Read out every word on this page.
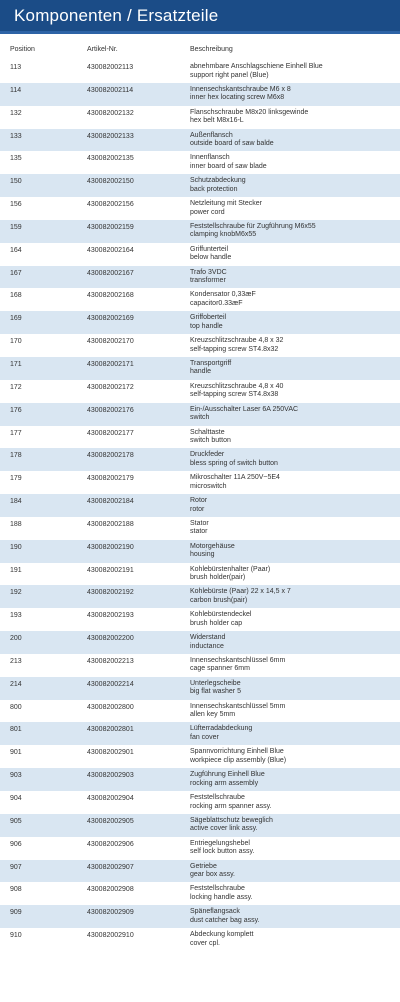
Komponenten / Ersatzteile
Position	Artikel-Nr.	Beschreibung
113	430082002113	abnehmbare Anschlagschiene Einhell Blue
support right panel (Blue)
114	430082002114	Innensechskantschraube M6 x 8
inner hex locating screw M6x8
132	430082002132	Flanschschraube M8x20 linksgewinde
hex belt M8x16-L
133	430082002133	Außenflansch
outside board of saw balde
135	430082002135	Innenflansch
inner board of saw blade
150	430082002150	Schutzabdeckung
back protection
156	430082002156	Netzleitung mit Stecker
power cord
159	430082002159	Feststellschraube für Zugführung M6x55
clamping knobM6x55
164	430082002164	Griffunterteil
below handle
167	430082002167	Trafo 3VDC
transformer
168	430082002168	Kondensator 0,33æF
capacitor0.33æF
169	430082002169	Griffoberteil
top handle
170	430082002170	Kreuzschlitzschraube 4,8 x 32
self-tapping screw ST4.8x32
171	430082002171	Transportgriff
handle
172	430082002172	Kreuzschlitzschraube 4,8 x 40
self-tapping screw ST4.8x38
176	430082002176	Ein-/Ausschalter Laser 6A 250VAC
switch
177	430082002177	Schalttaste
switch button
178	430082002178	Druckfeder
bless spring of switch button
179	430082002179	Mikroschalter 11A 250V~5E4
microswitch
184	430082002184	Rotor
rotor
188	430082002188	Stator
stator
190	430082002190	Motorgehäuse
housing
191	430082002191	Kohlebürstenhalter (Paar)
brush holder(pair)
192	430082002192	Kohlebürste (Paar) 22 x 14,5 x 7
carbon brush(pair)
193	430082002193	Kohlebürstendeckel
brush holder cap
200	430082002200	Widerstand
inductance
213	430082002213	Innensechskantschlüssel 6mm
cage spanner 6mm
214	430082002214	Unterlegscheibe
big flat washer 5
800	430082002800	Innensechskantschlüssel 5mm
allen key 5mm
801	430082002801	Lüfterradabdeckung
fan cover
901	430082002901	Spannvorrichtung Einhell Blue
workpiece clip assembly (Blue)
903	430082002903	Zugführung Einhell Blue
rocking arm assembly
904	430082002904	Feststellschraube
rocking arm spanner assy.
905	430082002905	Sägeblattschutz beweglich
active cover link assy.
906	430082002906	Entriegelungshebel
self lock button assy.
907	430082002907	Getriebe
gear box assy.
908	430082002908	Feststellschraube
locking handle assy.
909	430082002909	Späneflangsack
dust catcher bag assy.
910	430082002910	Abdeckung komplett
cover cpl.
